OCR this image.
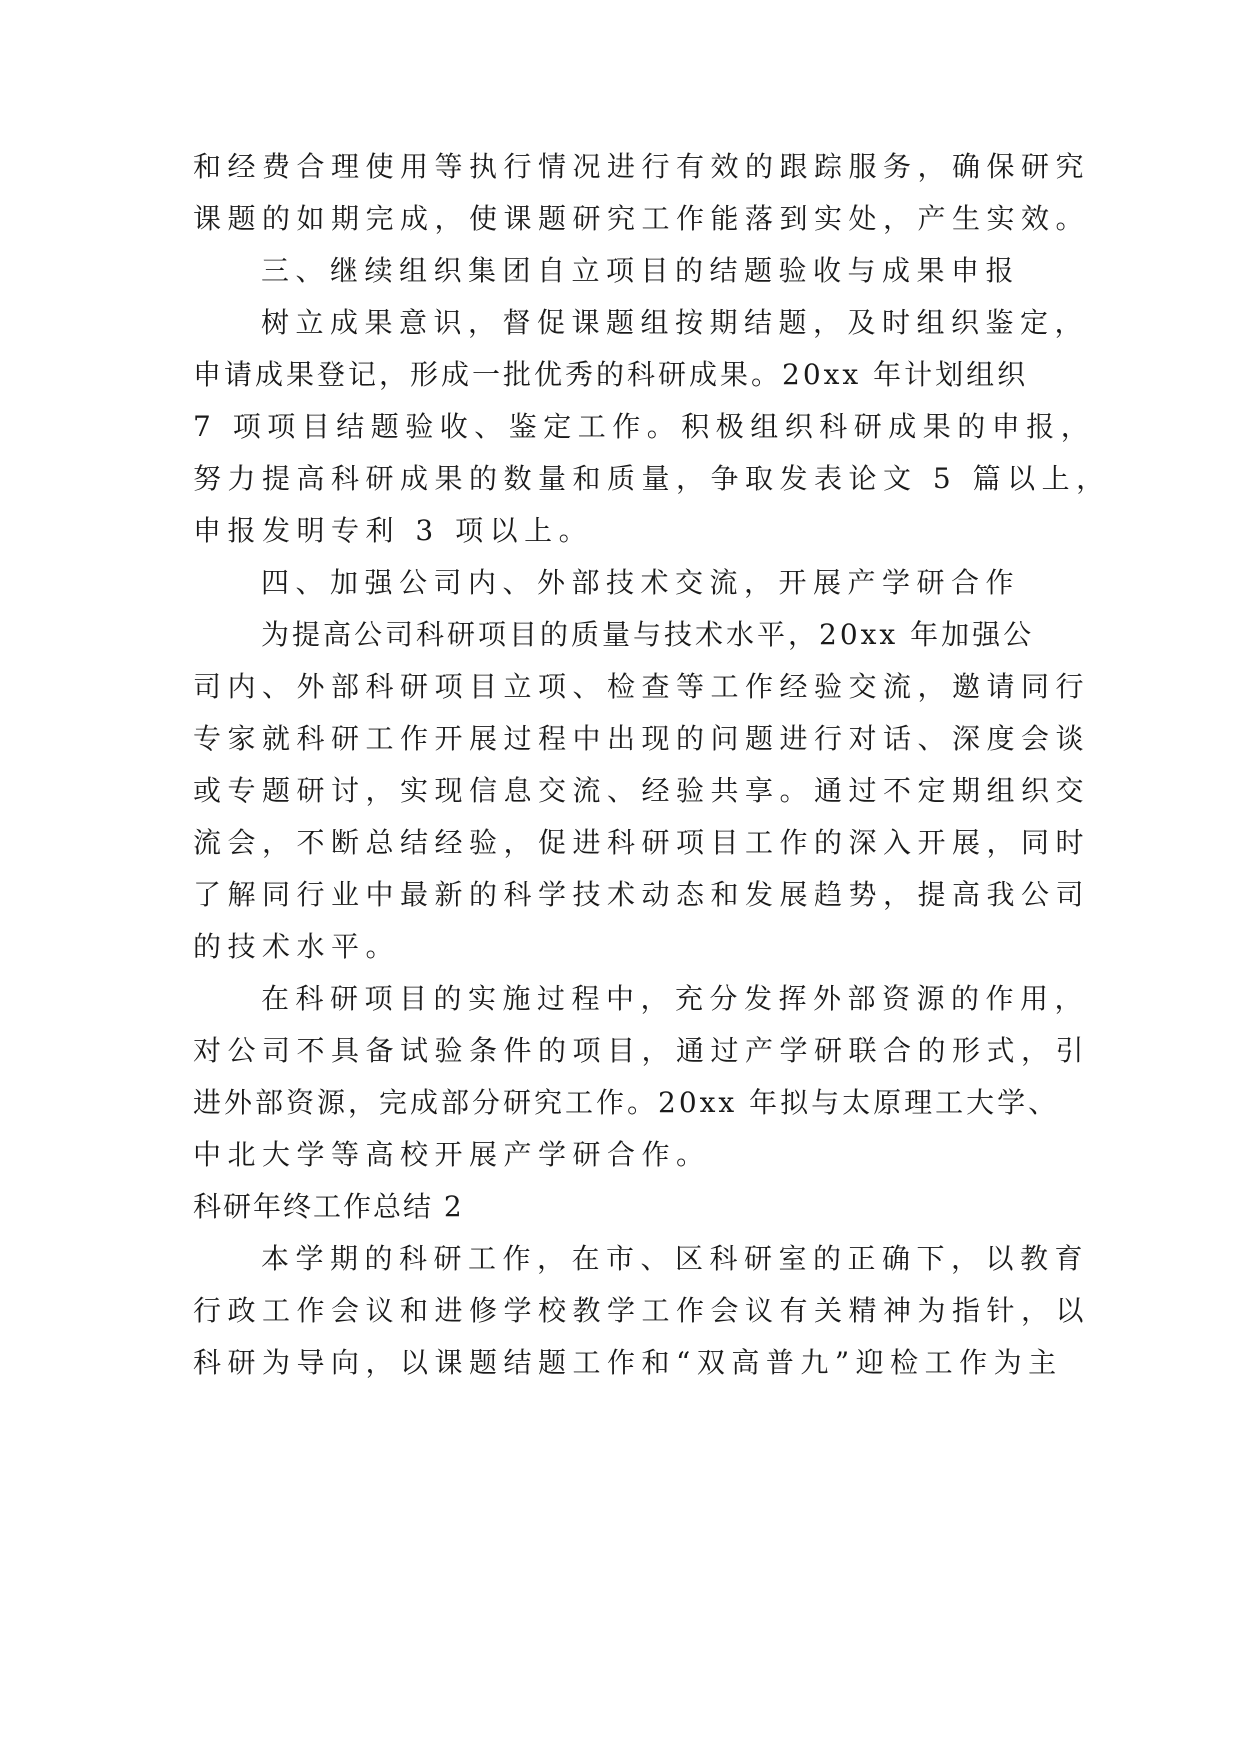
和经费合理使用等执行情况进行有效的跟踪服务，确保研究
课题的如期完成，使课题研究工作能落到实处，产生实效。
三、继续组织集团自立项目的结题验收与成果申报
树立成果意识，督促课题组按期结题，及时组织鉴定，
申请成果登记，形成一批优秀的科研成果。20xx 年计划组织
7 项项目结题验收、鉴定工作。积极组织科研成果的申报，
努力提高科研成果的数量和质量，争取发表论文 5 篇以上，
申报发明专利 3 项以上。
四、加强公司内、外部技术交流，开展产学研合作
为提高公司科研项目的质量与技术水平，20xx 年加强公
司内、外部科研项目立项、检查等工作经验交流，邀请同行
专家就科研工作开展过程中出现的问题进行对话、深度会谈
或专题研讨，实现信息交流、经验共享。通过不定期组织交
流会，不断总结经验，促进科研项目工作的深入开展，同时
了解同行业中最新的科学技术动态和发展趋势，提高我公司
的技术水平。
在科研项目的实施过程中，充分发挥外部资源的作用，
对公司不具备试验条件的项目，通过产学研联合的形式，引
进外部资源，完成部分研究工作。20xx 年拟与太原理工大学、
中北大学等高校开展产学研合作。
科研年终工作总结 2
本学期的科研工作，在市、区科研室的正确下，以教育
行政工作会议和进修学校教学工作会议有关精神为指针，以
科研为导向，以课题结题工作和“双高普九”迎检工作为主
